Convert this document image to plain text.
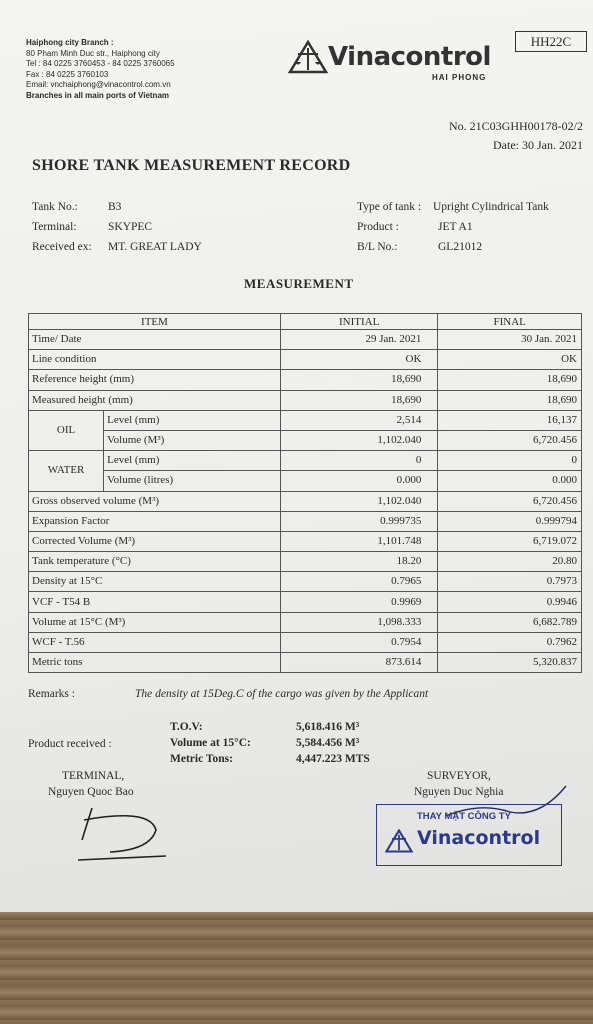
Haiphong city Branch :
80 Pham Minh Duc str., Haiphong city
Tel : 84 0225 3760453 - 84 0225 3760065
Fax : 84 0225 3760103
Email: vnchaiphong@vinacontrol.com.vn
Branches in all main ports of Vietnam
Vinacontrol
HAI PHONG
HH22C
No. 21C03GHH00178-02/2
Date: 30 Jan. 2021
SHORE TANK MEASUREMENT RECORD
Tank No.:	B3
Terminal:	SKYPEC
Received ex: MT. GREAT LADY
Type of tank : Upright Cylindrical Tank
Product :	JET A1
B/L No.:	GL21012
MEASUREMENT
ITEM		INITIAL	FINAL
Time/ Date		29 Jan. 2021	30 Jan. 2021
Line condition		OK	OK
Reference height (mm)		18,690	18,690
Measured height (mm)		18,690	18,690
OIL	Level (mm)	2,514	16,137
	Volume (M³)	1,102.040	6,720.456
WATER	Level (mm)	0	0
	Volume (litres)	0.000	0.000
Gross observed volume (M³)		1,102.040	6,720.456
Expansion Factor		0.999735	0.999794
Corrected Volume (M³)		1,101.748	6,719.072
Tank temperature (°C)		18.20	20.80
Density at 15°C		0.7965	0.7973
VCF - T54 B		0.9969	0.9946
Volume at 15°C (M³)		1,098.333	6,682.789
WCF - T.56		0.7954	0.7962
Metric tons		873.614	5,320.837
Remarks :	The density at 15Deg.C of the cargo was given by the Applicant
Product received :
T.O.V:	5,618.416 M³
Volume at 15°C:	5,584.456 M³
Metric Tons:	4,447.223 MTS
TERMINAL,
Nguyen Quoc Bao
SURVEYOR,
Nguyen Duc Nghia
THAY MẶT CÔNG TY
Vinacontrol
